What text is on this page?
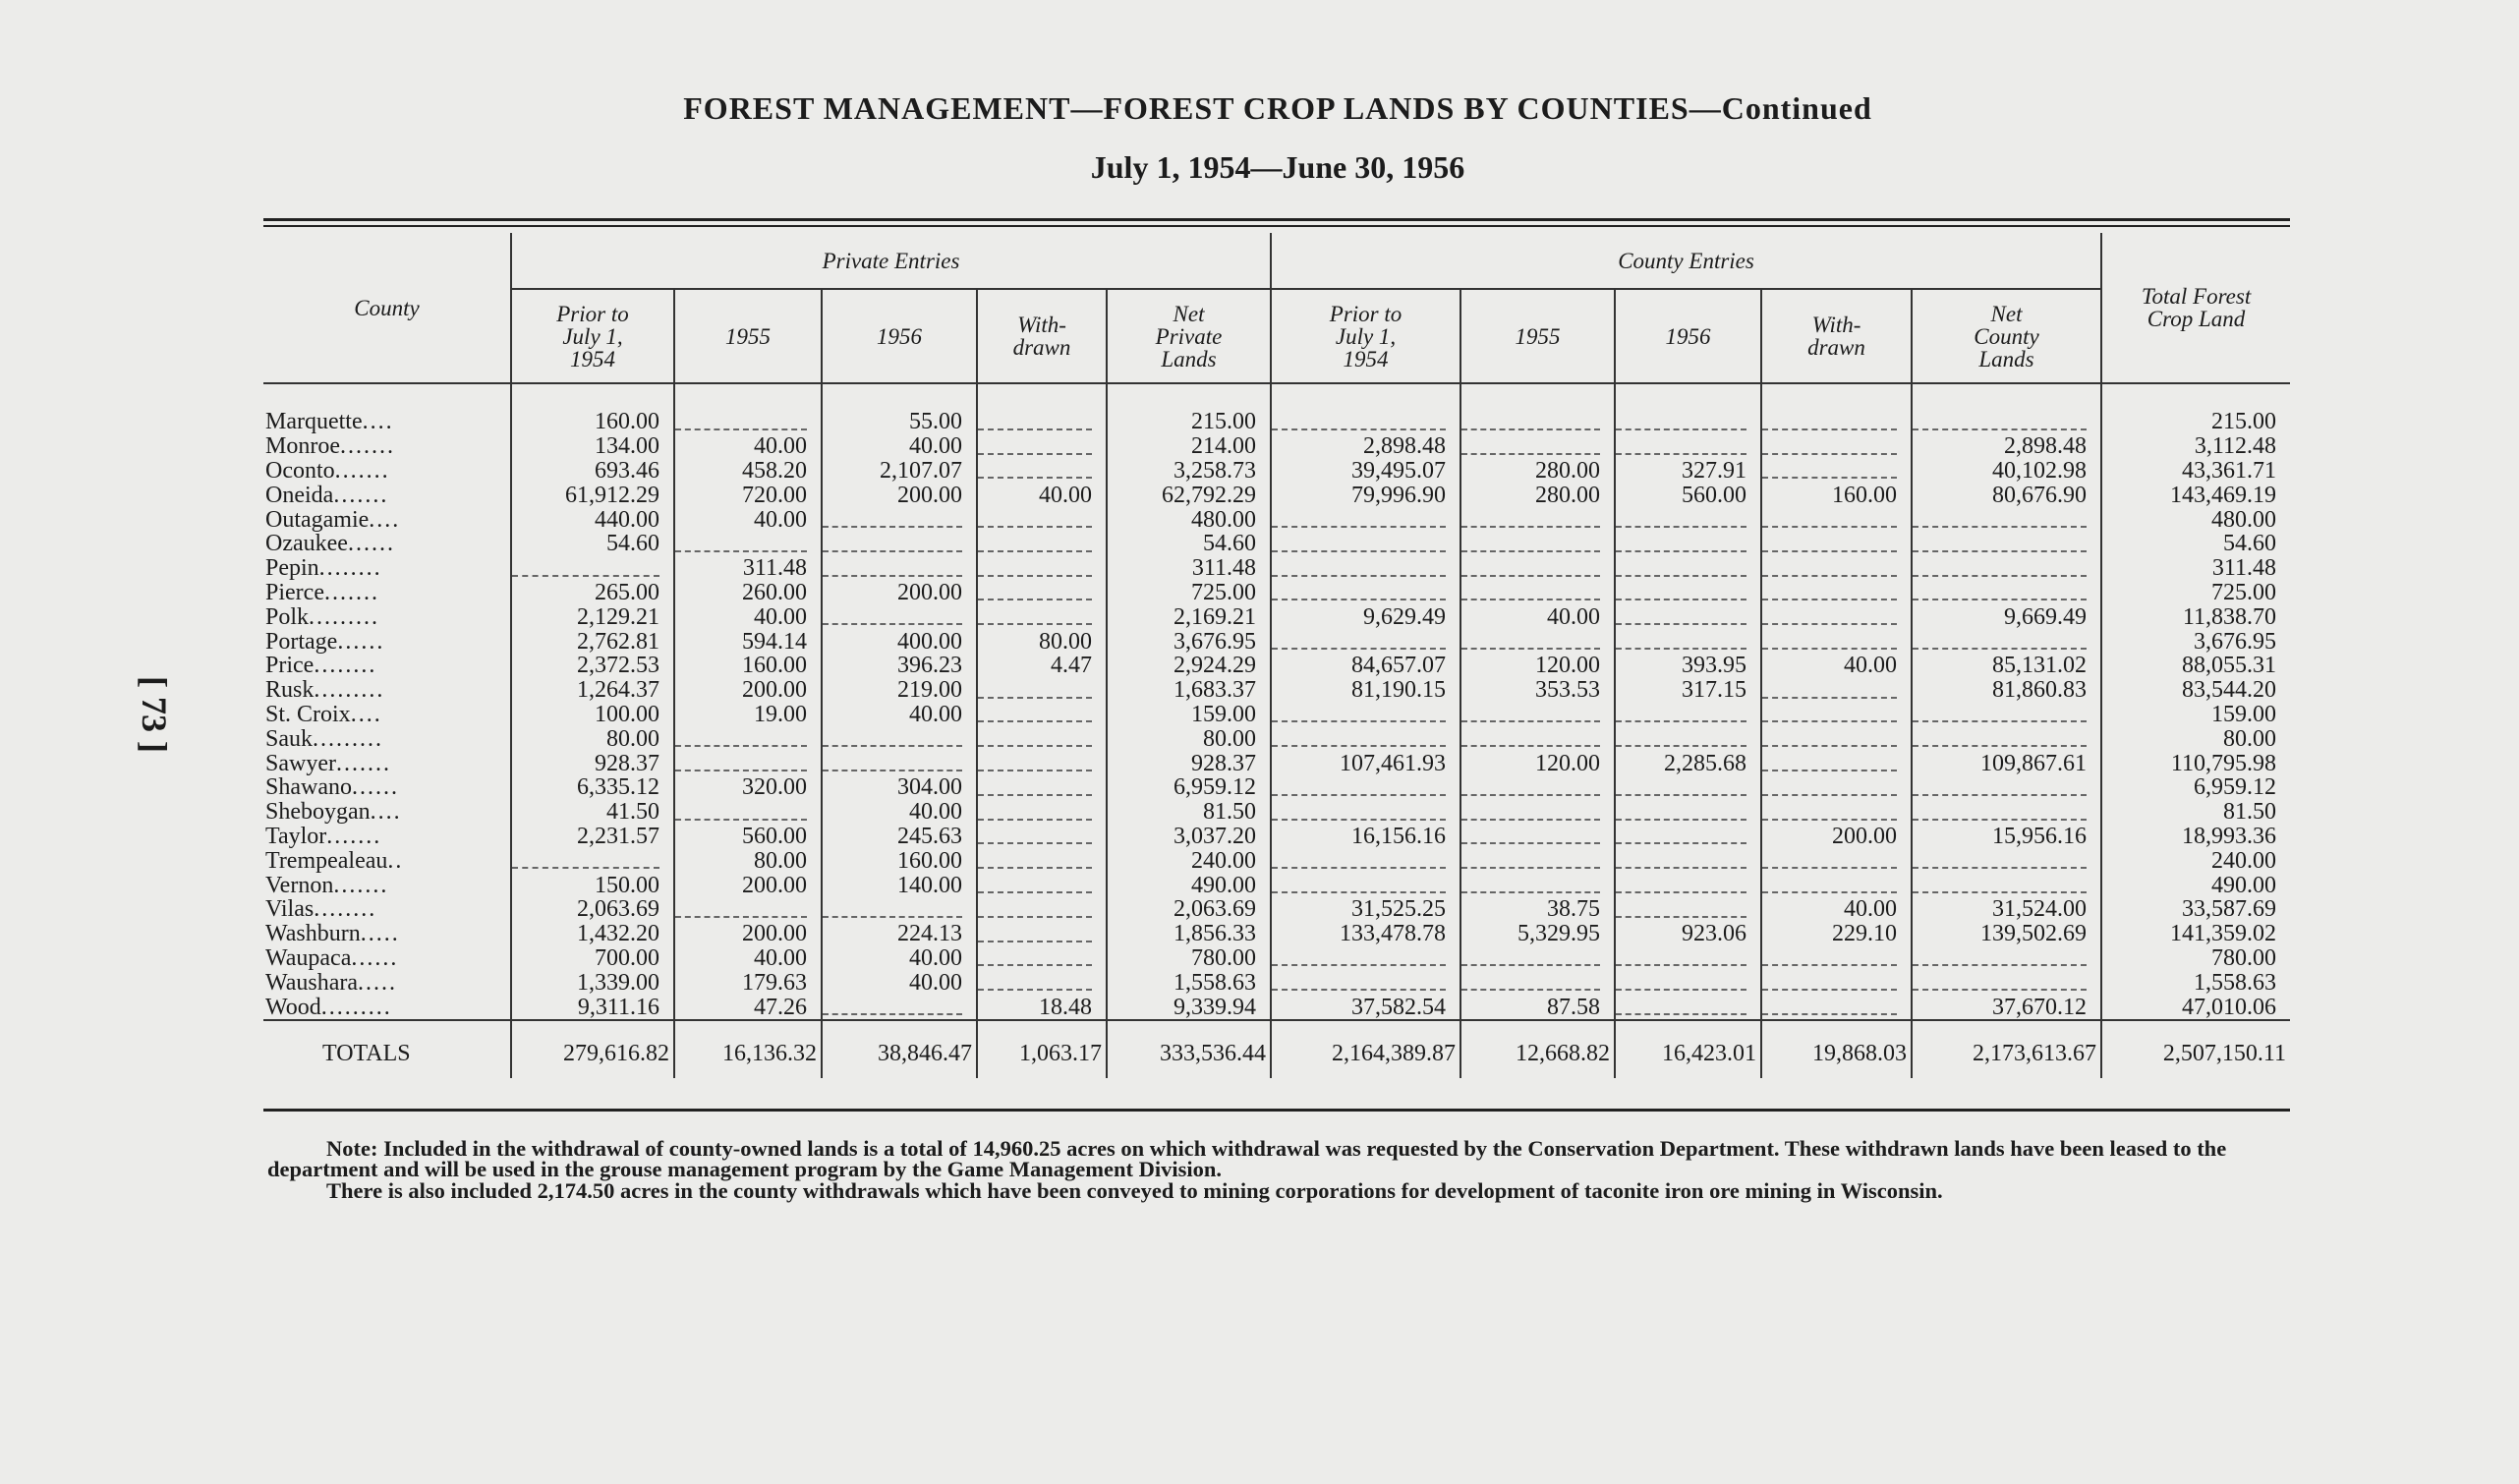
FOREST MANAGEMENT—FOREST CROP LANDS BY COUNTIES—Continued
July 1, 1954—June 30, 1956
[ 73 ]
County	Private Entries					County Entries					Total Forest Crop Land
	Prior to July 1, 1954	1955	1956	With-drawn	Net Private Lands	Prior to July 1, 1954	1955	1956	With-drawn	Net County Lands	

Marquette....	160.00		55.00		215.00						215.00
Monroe.......	134.00	40.00	40.00		214.00	2,898.48				2,898.48	3,112.48
Oconto.......	693.46	458.20	2,107.07		3,258.73	39,495.07	280.00	327.91		40,102.98	43,361.71
Oneida.......	61,912.29	720.00	200.00	40.00	62,792.29	79,996.90	280.00	560.00	160.00	80,676.90	143,469.19
Outagamie....	440.00	40.00			480.00						480.00
Ozaukee......	54.60				54.60						54.60
Pepin........		311.48			311.48						311.48
Pierce.......	265.00	260.00	200.00		725.00						725.00
Polk.........	2,129.21	40.00			2,169.21	9,629.49	40.00			9,669.49	11,838.70
Portage......	2,762.81	594.14	400.00	80.00	3,676.95						3,676.95
Price........	2,372.53	160.00	396.23	4.47	2,924.29	84,657.07	120.00	393.95	40.00	85,131.02	88,055.31
Rusk.........	1,264.37	200.00	219.00		1,683.37	81,190.15	353.53	317.15		81,860.83	83,544.20
St. Croix....	100.00	19.00	40.00		159.00						159.00
Sauk.........	80.00				80.00						80.00
Sawyer.......	928.37				928.37	107,461.93	120.00	2,285.68		109,867.61	110,795.98
Shawano......	6,335.12	320.00	304.00		6,959.12						6,959.12
Sheboygan....	41.50		40.00		81.50						81.50
Taylor.......	2,231.57	560.00	245.63		3,037.20	16,156.16			200.00	15,956.16	18,993.36
Trempealeau..		80.00	160.00		240.00						240.00
Vernon.......	150.00	200.00	140.00		490.00						490.00
Vilas........	2,063.69				2,063.69	31,525.25	38.75		40.00	31,524.00	33,587.69
Washburn.....	1,432.20	200.00	224.13		1,856.33	133,478.78	5,329.95	923.06	229.10	139,502.69	141,359.02
Waupaca......	700.00	40.00	40.00		780.00						780.00
Waushara.....	1,339.00	179.63	40.00		1,558.63						1,558.63
Wood.........	9,311.16	47.26		18.48	9,339.94	37,582.54	87.58			37,670.12	47,010.06
TOTALS	279,616.82	16,136.32	38,846.47	1,063.17	333,536.44	2,164,389.87	12,668.82	16,423.01	19,868.03	2,173,613.67	2,507,150.11
Note: Included in the withdrawal of county-owned lands is a total of 14,960.25 acres on which withdrawal was requested by the Conservation Department. These withdrawn lands have been leased to the department and will be used in the grouse management program by the Game Management Division.
There is also included 2,174.50 acres in the county withdrawals which have been conveyed to mining corporations for development of taconite iron ore mining in Wisconsin.
